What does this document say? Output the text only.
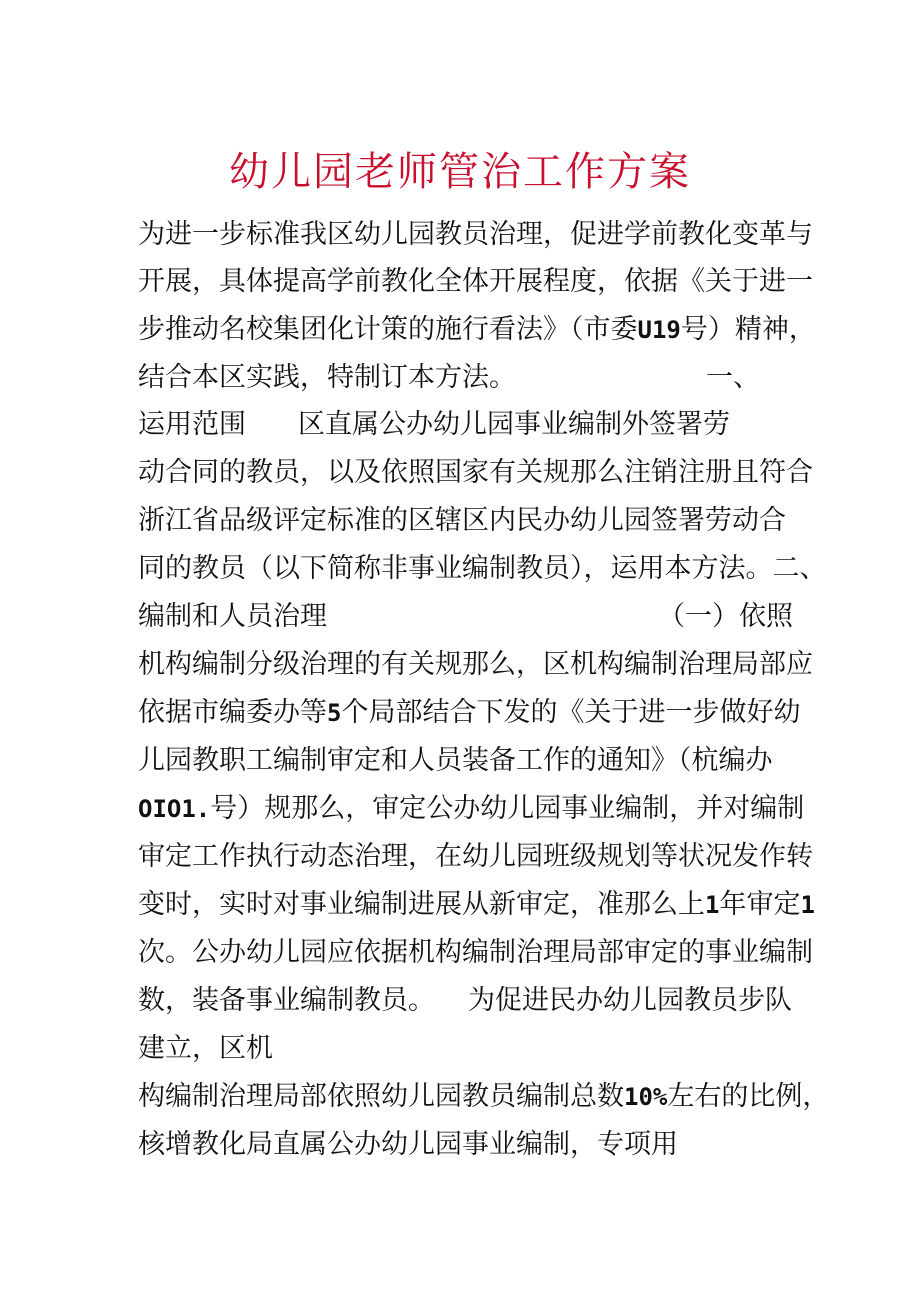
幼儿园老师管治工作方案
为进一步标准我区幼儿园教员治理，促进学前教化变革与
开展，具体提高学前教化全体开展程度，依据《关于进一
步推动名校集团化计策的施行看法》（市委U19号）精神，
结合本区实践，特制订本方法。	一、
运用范围 区直属公办幼儿园事业编制外签署劳
动合同的教员，以及依照国家有关规那么注销注册且符合
浙江省品级评定标准的区辖区内民办幼儿园签署劳动合
同的教员（以下简称非事业编制教员），运用本方法。二、
编制和人员治理	（一）依照
机构编制分级治理的有关规那么，区机构编制治理局部应
依据市编委办等5个局部结合下发的《关于进一步做好幼
儿园教职工编制审定和人员装备工作的通知》（杭编办
OIO1.号）规那么，审定公办幼儿园事业编制，并对编制
审定工作执行动态治理，在幼儿园班级规划等状况发作转
变时，实时对事业编制进展从新审定，准那么上1年审定1
次。公办幼儿园应依据机构编制治理局部审定的事业编制
数，装备事业编制教员。 为促进民办幼儿园教员步队
建立，区机
构编制治理局部依照幼儿园教员编制总数10%左右的比例，
核增教化局直属公办幼儿园事业编制，专项用
